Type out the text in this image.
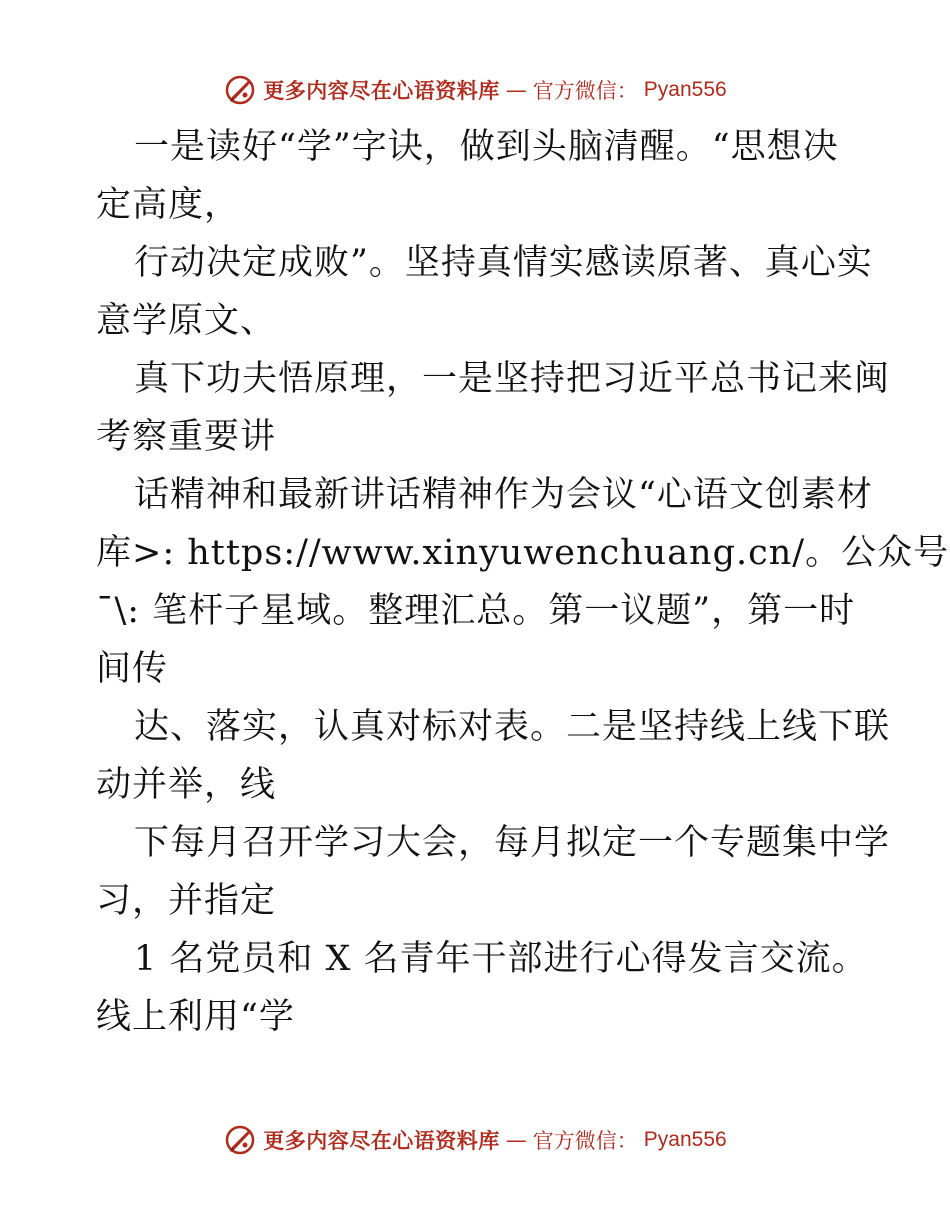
更多内容尽在心语资料库 — 官方微信： Pyan556
一是读好“学”字诀，做到头脑清醒。“思想决
定高度，
行动决定成败”。坚持真情实感读原著、真心实
意学原文、
真下功夫悟原理，一是坚持把习近平总书记来闽
考察重要讲
话精神和最新讲话精神作为会议“心语文创素材
库>: https://www.xinyuwenchuang.cn/。公众号
¯\: 笔杆子星域。整理汇总。第一议题”，第一时
间传
达、落实，认真对标对表。二是坚持线上线下联
动并举，线
下每月召开学习大会，每月拟定一个专题集中学
习，并指定
1 名党员和 X 名青年干部进行心得发言交流。
线上利用“学
更多内容尽在心语资料库 — 官方微信： Pyan556
